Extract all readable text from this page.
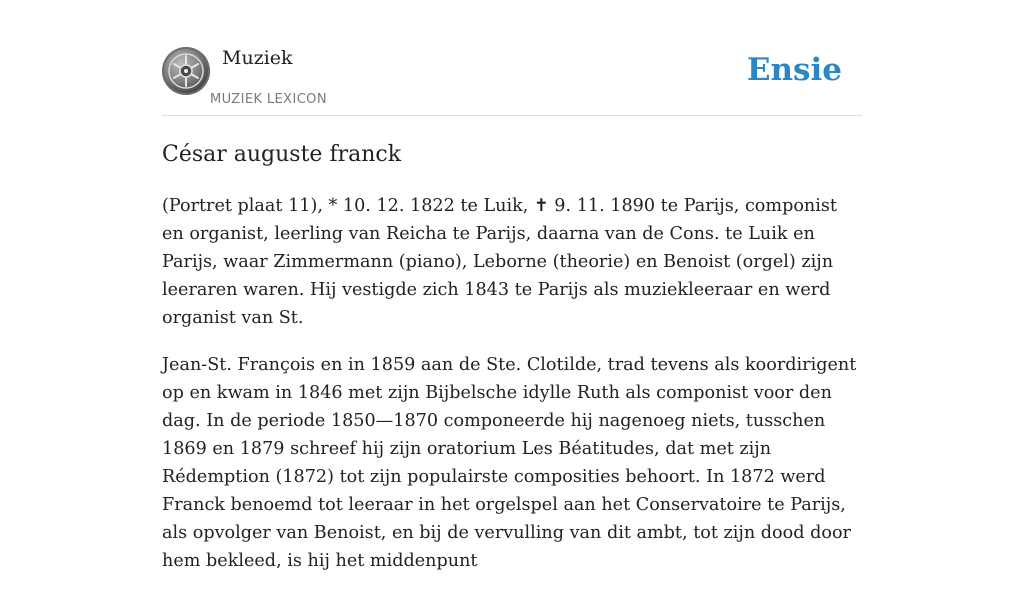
Muziek
MUZIEK LEXICON
Ensie
César auguste franck

(Portret plaat 11), * 10. 12. 1822 te Luik, ✝ 9. 11. 1890 te Parijs, componist en organist, leerling van Reicha te Parijs, daarna van de Cons. te Luik en Parijs, waar Zimmermann (piano), Leborne (theorie) en Benoist (orgel) zijn leeraren waren. Hij vestigde zich 1843 te Parijs als muziekleeraar en werd organist van St.

Jean-St. François en in 1859 aan de Ste. Clotilde, trad tevens als koordirigent op en kwam in 1846 met zijn Bijbelsche idylle Ruth als componist voor den dag. In de periode 1850—1870 componeerde hij nagenoeg niets, tusschen 1869 en 1879 schreef hij zijn oratorium Les Béatitudes, dat met zijn Rédemption (1872) tot zijn populairste composities behoort. In 1872 werd Franck benoemd tot leeraar in het orgelspel aan het Conservatoire te Parijs, als opvolger van Benoist, en bij de vervulling van dit ambt, tot zijn dood door hem bekleed, is hij het middenpunt
